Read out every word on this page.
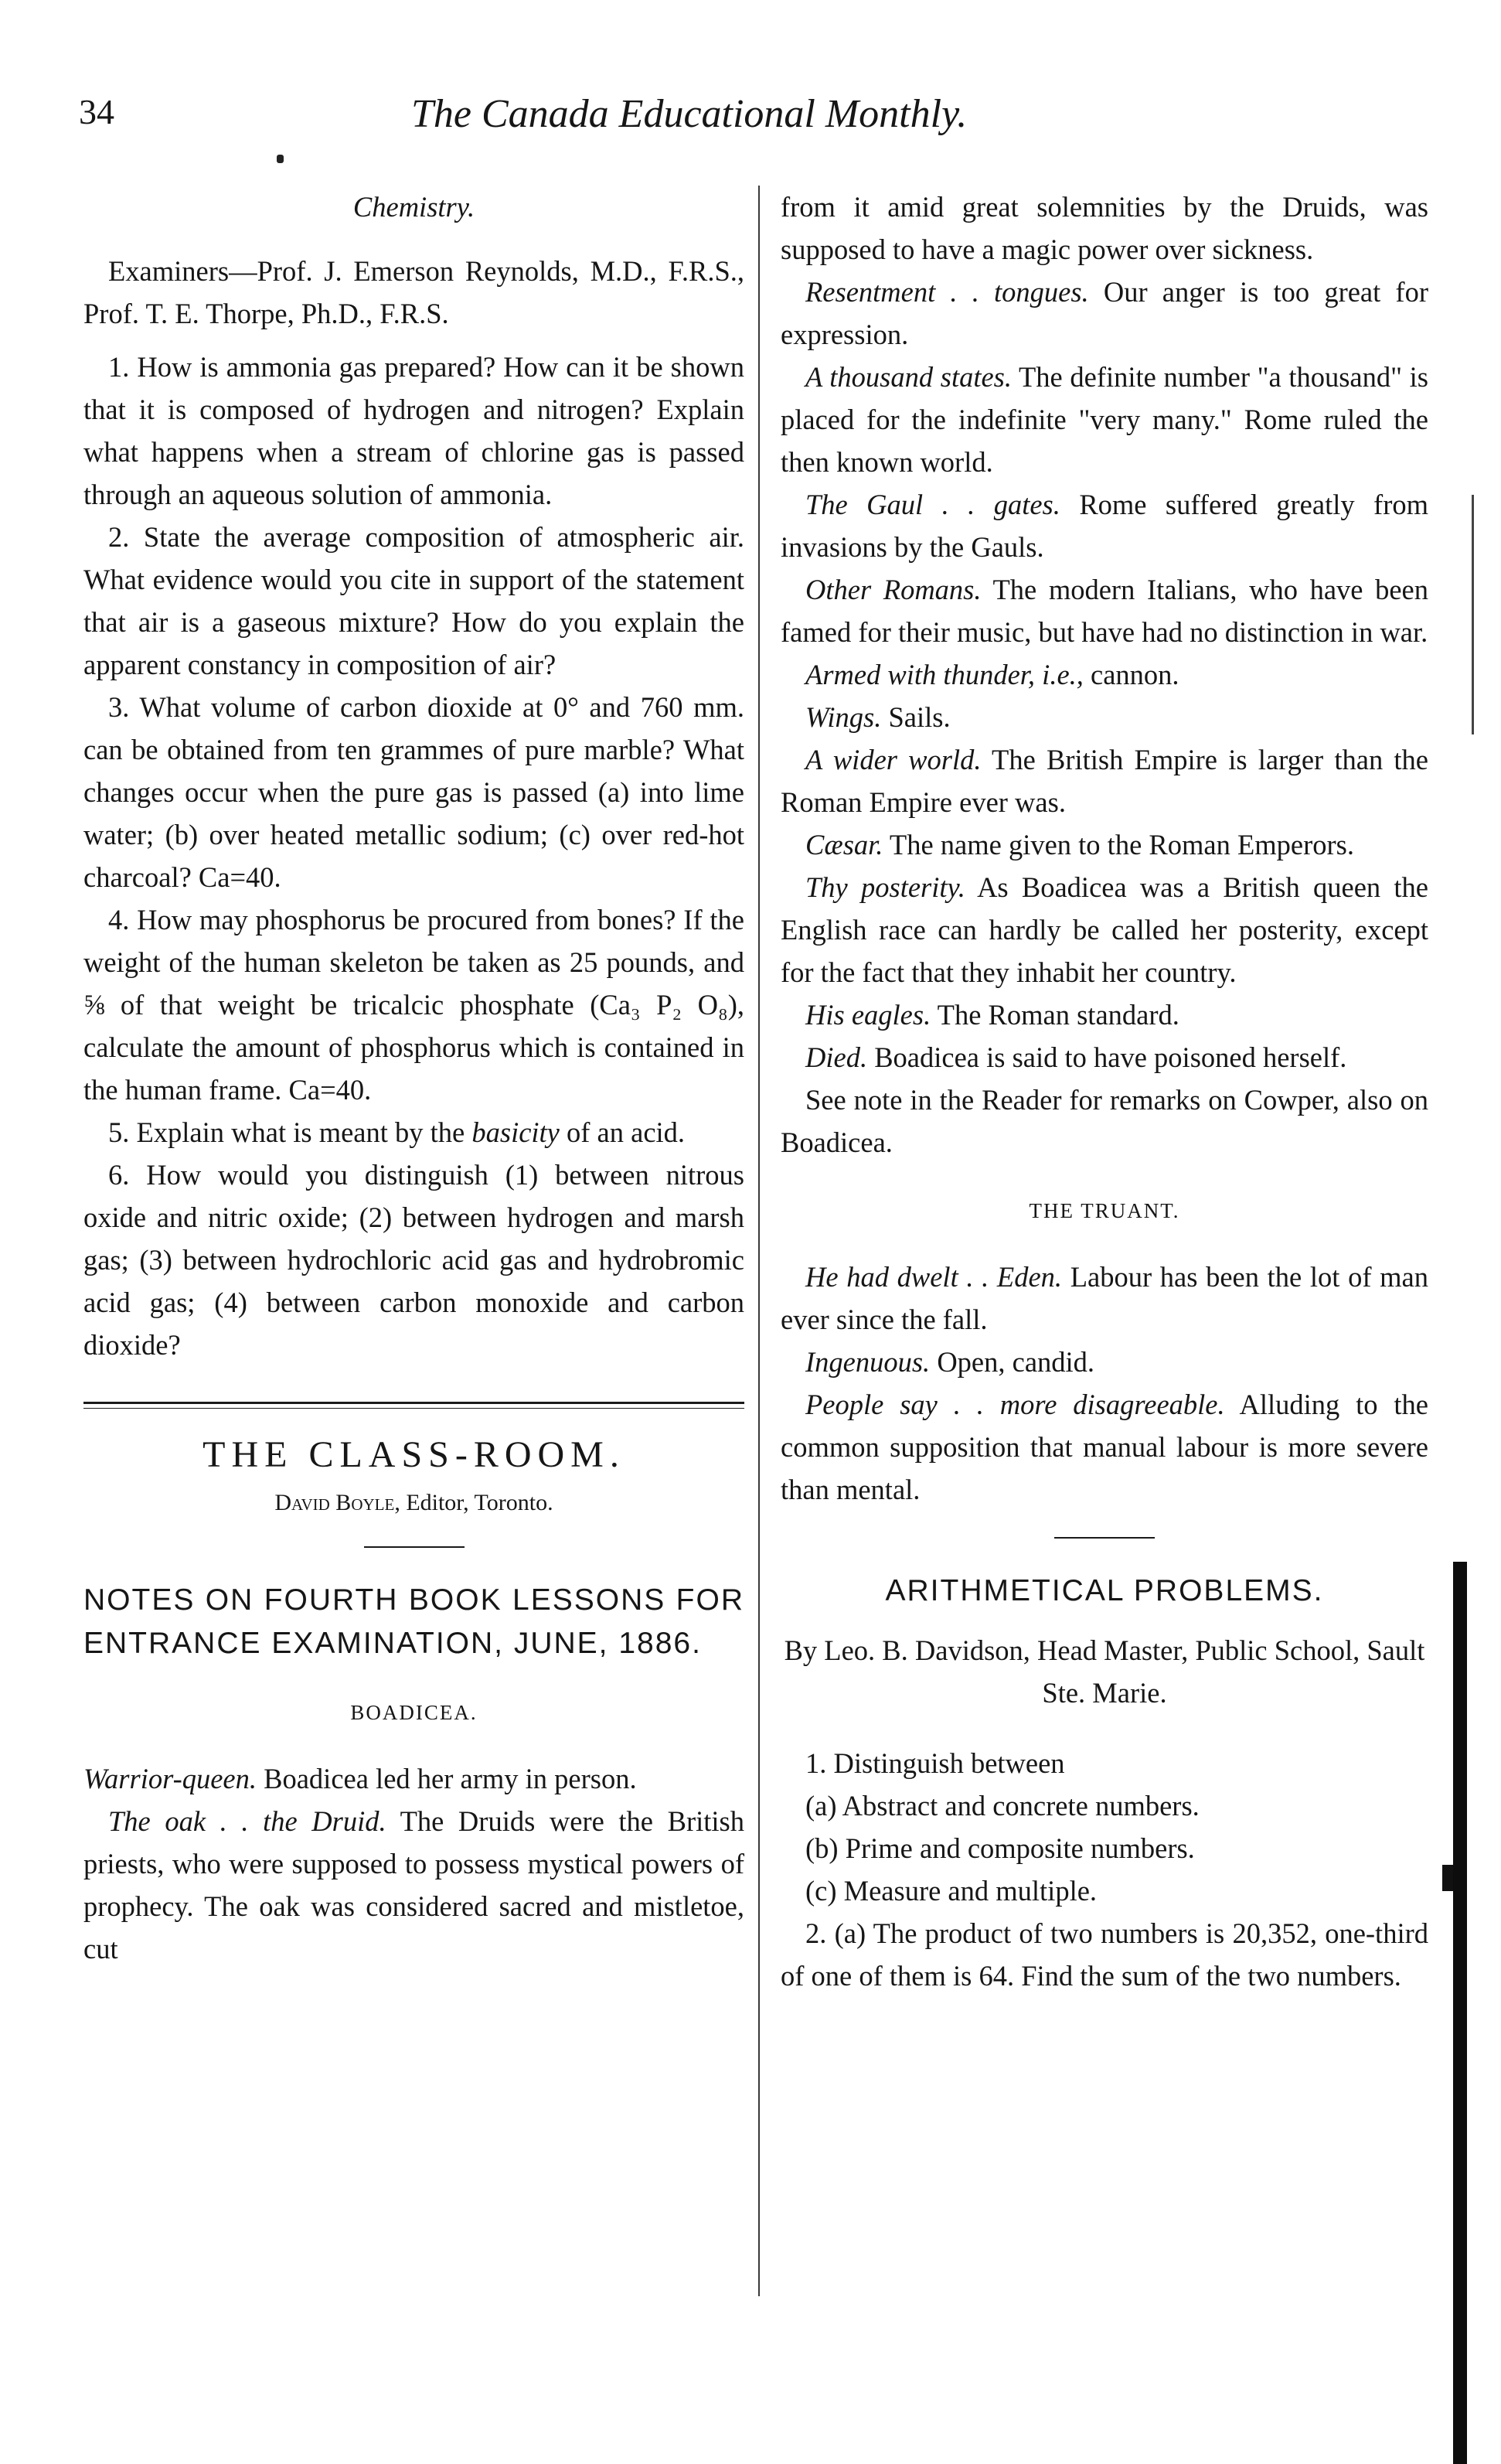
34	The Canada Educational Monthly.

Chemistry.

Examiners—Prof. J. Emerson Reynolds, M.D., F.R.S., Prof. T. E. Thorpe, Ph.D., F.R.S.

1. How is ammonia gas prepared? How can it be shown that it is composed of hydrogen and nitrogen? Explain what happens when a stream of chlorine gas is passed through an aqueous solution of ammonia.

2. State the average composition of atmospheric air. What evidence would you cite in support of the statement that air is a gaseous mixture? How do you explain the apparent constancy in composition of air?

3. What volume of carbon dioxide at 0° and 760 mm. can be obtained from ten grammes of pure marble? What changes occur when the pure gas is passed (a) into lime water; (b) over heated metallic sodium; (c) over red-hot charcoal? Ca=40.

4. How may phosphorus be procured from bones? If the weight of the human skeleton be taken as 25 pounds, and ⅝ of that weight be tricalcic phosphate (Ca₃ P₂ O₈), calculate the amount of phosphorus which is contained in the human frame. Ca=40.

5. Explain what is meant by the basicity of an acid.

6. How would you distinguish (1) between nitrous oxide and nitric oxide; (2) between hydrogen and marsh gas; (3) between hydrochloric acid gas and hydrobromic acid gas; (4) between carbon monoxide and carbon dioxide?

THE CLASS-ROOM.

David Boyle, Editor, Toronto.

NOTES ON FOURTH BOOK LESSONS FOR ENTRANCE EXAMINATION, JUNE, 1886.

BOADICEA.

Warrior-queen. Boadicea led her army in person.

The oak . . the Druid. The Druids were the British priests, who were supposed to possess mystical powers of prophecy. The oak was considered sacred and mistletoe, cut

from it amid great solemnities by the Druids, was supposed to have a magic power over sickness.

Resentment . . tongues. Our anger is too great for expression.

A thousand states. The definite number "a thousand" is placed for the indefinite "very many." Rome ruled the then known world.

The Gaul . . gates. Rome suffered greatly from invasions by the Gauls.

Other Romans. The modern Italians, who have been famed for their music, but have had no distinction in war.

Armed with thunder, i.e., cannon.

Wings. Sails.

A wider world. The British Empire is larger than the Roman Empire ever was.

Cæsar. The name given to the Roman Emperors.

Thy posterity. As Boadicea was a British queen the English race can hardly be called her posterity, except for the fact that they inhabit her country.

His eagles. The Roman standard.

Died. Boadicea is said to have poisoned herself.

See note in the Reader for remarks on Cowper, also on Boadicea.

THE TRUANT.

He had dwelt . . Eden. Labour has been the lot of man ever since the fall.

Ingenuous. Open, candid.

People say . . more disagreeable. Alluding to the common supposition that manual labour is more severe than mental.

ARITHMETICAL PROBLEMS.

By Leo. B. Davidson, Head Master, Public School, Sault Ste. Marie.

1. Distinguish between

(a) Abstract and concrete numbers.

(b) Prime and composite numbers.

(c) Measure and multiple.

2. (a) The product of two numbers is 20,352, one-third of one of them is 64. Find the sum of the two numbers.
